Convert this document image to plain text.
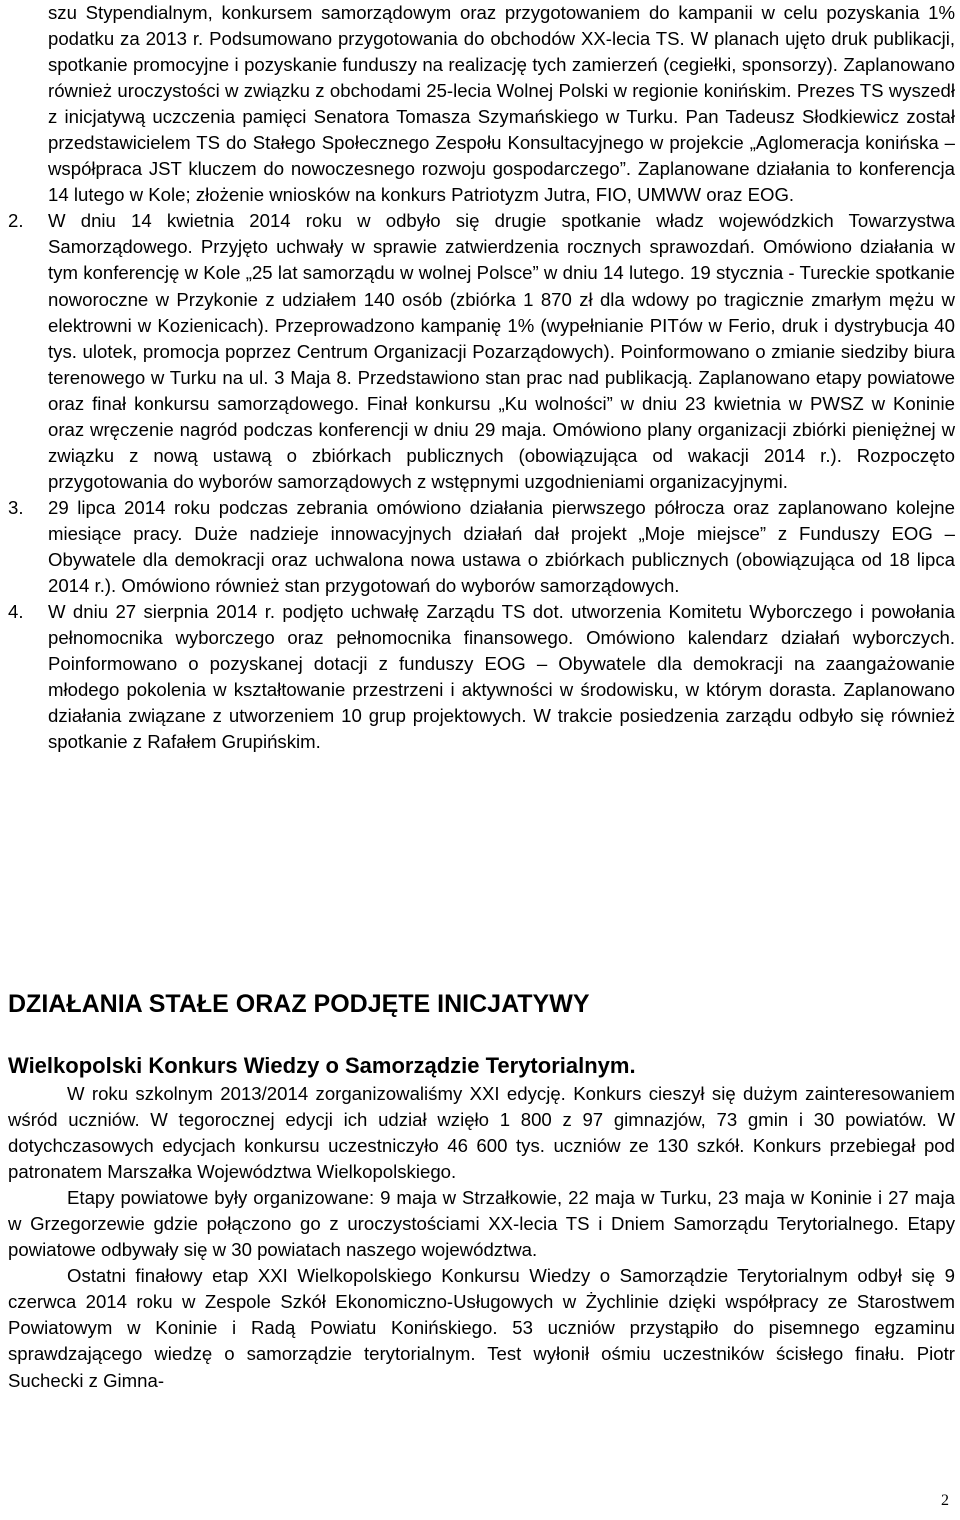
szu Stypendialnym, konkursem samorządowym oraz przygotowaniem do kampanii w celu pozyskania 1% podatku za 2013 r. Podsumowano przygotowania do obchodów XX-lecia TS. W planach ujęto druk publikacji, spotkanie promocyjne i pozyskanie funduszy na realizację tych zamierzeń (cegiełki, sponsorzy). Zaplanowano również uroczystości w związku z obchodami 25-lecia Wolnej Polski w regionie konińskim. Prezes TS wyszedł z inicjatywą uczczenia pamięci Senatora Tomasza Szymańskiego w Turku. Pan Tadeusz Słodkiewicz został przedstawicielem TS do Stałego Społecznego Zespołu Konsultacyjnego w projekcie „Aglomeracja konińska – współpraca JST kluczem do nowoczesnego rozwoju gospodarczego”. Zaplanowane działania to konferencja 14 lutego w Kole; złożenie wniosków na konkurs Patriotyzm Jutra, FIO, UMWW oraz EOG.

2. W dniu 14 kwietnia 2014 roku w odbyło się drugie spotkanie władz wojewódzkich Towarzystwa Samorządowego. Przyjęto uchwały w sprawie zatwierdzenia rocznych sprawozdań. Omówiono działania w tym konferencję w Kole „25 lat samorządu w wolnej Polsce” w dniu 14 lutego. 19 stycznia - Tureckie spotkanie noworoczne w Przykonie z udziałem 140 osób (zbiórka 1 870 zł dla wdowy po tragicznie zmarłym mężu w elektrowni w Kozienicach). Przeprowadzono kampanię 1% (wypełnianie PITów w Ferio, druk i dystrybucja 40 tys. ulotek, promocja poprzez Centrum Organizacji Pozarządowych). Poinformowano o zmianie siedziby biura terenowego w Turku na ul. 3 Maja 8. Przedstawiono stan prac nad publikacją. Zaplanowano etapy powiatowe oraz finał konkursu samorządowego. Finał konkursu „Ku wolności” w dniu 23 kwietnia w PWSZ w Koninie oraz wręczenie nagród podczas konferencji w dniu 29 maja. Omówiono plany organizacji zbiórki pieniężnej w związku z nową ustawą o zbiórkach publicznych (obowiązująca od wakacji 2014 r.). Rozpoczęto przygotowania do wyborów samorządowych z wstępnymi uzgodnieniami organizacyjnymi.

3. 29 lipca 2014 roku podczas zebrania omówiono działania pierwszego półrocza oraz zaplanowano kolejne miesiące pracy. Duże nadzieje innowacyjnych działań dał projekt „Moje miejsce” z Funduszy EOG – Obywatele dla demokracji oraz uchwalona nowa ustawa o zbiórkach publicznych (obowiązująca od 18 lipca 2014 r.). Omówiono również stan przygotowań do wyborów samorządowych.

4. W dniu 27 sierpnia 2014 r. podjęto uchwałę Zarządu TS dot. utworzenia Komitetu Wyborczego i powołania pełnomocnika wyborczego oraz pełnomocnika finansowego. Omówiono kalendarz działań wyborczych. Poinformowano o pozyskanej dotacji z funduszy EOG – Obywatele dla demokracji na zaangażowanie młodego pokolenia w kształtowanie przestrzeni i aktywności w środowisku, w którym dorasta. Zaplanowano działania związane z utworzeniem 10 grup projektowych. W trakcie posiedzenia zarządu odbyło się również spotkanie z Rafałem Grupińskim.

DZIAŁANIA STAŁE ORAZ PODJĘTE INICJATYWY
Wielkopolski Konkurs Wiedzy o Samorządzie Terytorialnym.

W roku szkolnym 2013/2014 zorganizowaliśmy XXI edycję. Konkurs cieszył się dużym zainteresowaniem wśród uczniów. W tegorocznej edycji ich udział wzięło 1 800 z 97 gimnazjów, 73 gmin i 30 powiatów. W dotychczasowych edycjach konkursu uczestniczyło 46 600 tys. uczniów ze 130 szkół. Konkurs przebiegał pod patronatem Marszałka Województwa Wielkopolskiego.

Etapy powiatowe były organizowane: 9 maja w Strzałkowie, 22 maja w Turku, 23 maja w Koninie i 27 maja w Grzegorzewie gdzie połączono go z uroczystościami XX-lecia TS i Dniem Samorządu Terytorialnego. Etapy powiatowe odbywały się w 30 powiatach naszego województwa.

Ostatni finałowy etap XXI Wielkopolskiego Konkursu Wiedzy o Samorządzie Terytorialnym odbył się 9 czerwca 2014 roku w Zespole Szkół Ekonomiczno-Usługowych w Żychlinie dzięki współpracy ze Starostwem Powiatowym w Koninie i Radą Powiatu Konińskiego. 53 uczniów przystąpiło do pisemnego egzaminu sprawdzającego wiedzę o samorządzie terytorialnym. Test wyłonił ośmiu uczestników ścisłego finału. Piotr Suchecki z Gimna-

2
